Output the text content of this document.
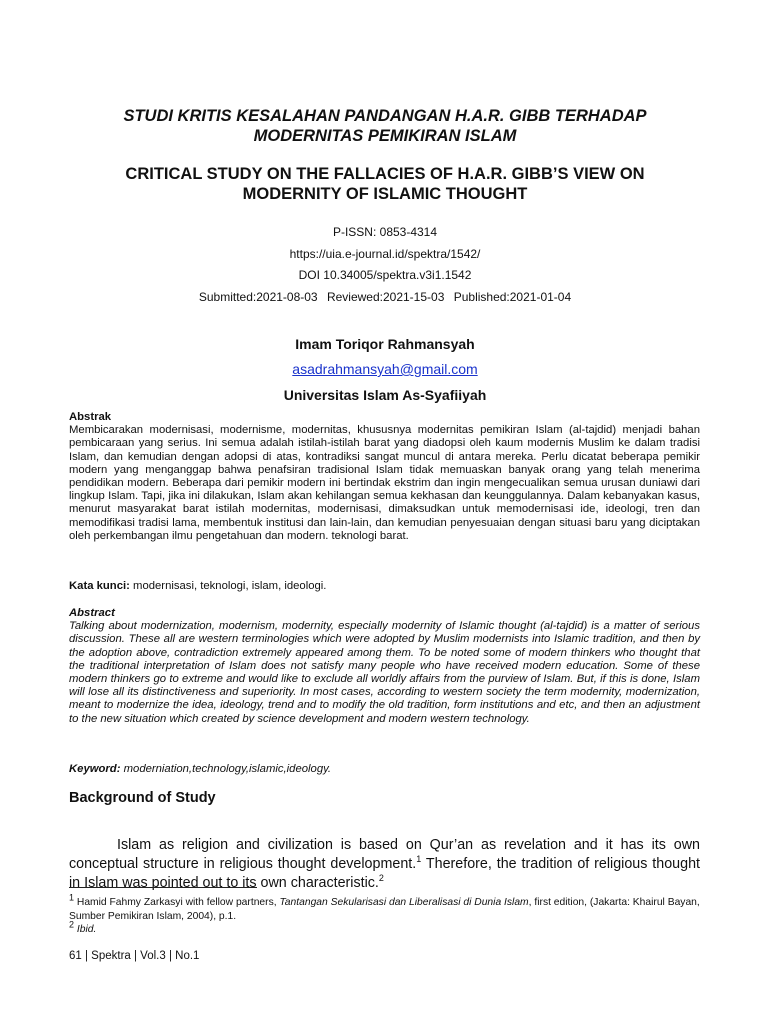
STUDI KRITIS KESALAHAN PANDANGAN H.A.R. GIBB TERHADAP
MODERNITAS PEMIKIRAN ISLAM
CRITICAL STUDY ON THE FALLACIES OF H.A.R. GIBB’S VIEW ON
MODERNITY OF ISLAMIC THOUGHT
P-ISSN: 0853-4314
https://uia.e-journal.id/spektra/1542/
DOI 10.34005/spektra.v3i1.1542
Submitted:2021-08-03 Reviewed:2021-15-03 Published:2021-01-04
Imam Toriqor Rahmansyah
asadrahmansyah@gmail.com
Universitas Islam As-Syafiiyah
Abstrak

Membicarakan modernisasi, modernisme, modernitas, khususnya modernitas pemikiran Islam (al-tajdid) menjadi bahan pembicaraan yang serius. Ini semua adalah istilah-istilah barat yang diadopsi oleh kaum modernis Muslim ke dalam tradisi Islam, dan kemudian dengan adopsi di atas, kontradiksi sangat muncul di antara mereka. Perlu dicatat beberapa pemikir modern yang menganggap bahwa penafsiran tradisional Islam tidak memuaskan banyak orang yang telah menerima pendidikan modern. Beberapa dari pemikir modern ini bertindak ekstrim dan ingin mengecualikan semua urusan duniawi dari lingkup Islam. Tapi, jika ini dilakukan, Islam akan kehilangan semua kekhasan dan keunggulannya. Dalam kebanyakan kasus, menurut masyarakat barat istilah modernitas, modernisasi, dimaksudkan untuk memodernisasi ide, ideologi, tren dan memodifikasi tradisi lama, membentuk institusi dan lain-lain, dan kemudian penyesuaian dengan situasi baru yang diciptakan oleh perkembangan ilmu pengetahuan dan modern. teknologi barat.

Kata kunci: modernisasi, teknologi, islam, ideologi.
Abstract

Talking about modernization, modernism, modernity, especially modernity of Islamic thought (al-tajdid) is a matter of serious discussion. These all are western terminologies which were adopted by Muslim modernists into Islamic tradition, and then by the adoption above, contradiction extremely appeared among them. To be noted some of modern thinkers who thought that the traditional interpretation of Islam does not satisfy many people who have received modern education. Some of these modern thinkers go to extreme and would like to exclude all worldly affairs from the purview of Islam. But, if this is done, Islam will lose all its distinctiveness and superiority. In most cases, according to western society the term modernity, modernization, meant to modernize the idea, ideology, trend and to modify the old tradition, form institutions and etc, and then an adjustment to the new situation which created by science development and modern western technology.

Keyword: moderniation,technology,islamic,ideology.
Background of Study

Islam as religion and civilization is based on Qur’an as revelation and it has its own conceptual structure in religious thought development.$^1$ Therefore, the tradition of religious thought in Islam was pointed out to its own characteristic.$^2$

$^1$ Hamid Fahmy Zarkasyi with fellow partners, Tantangan Sekularisasi dan Liberalisasi di Dunia Islam, first edition, (Jakarta: Khairul Bayan, Sumber Pemikiran Islam, 2004), p.1.

$^2$ Ibid.

61 | Spektra | Vol.3 | No.1
